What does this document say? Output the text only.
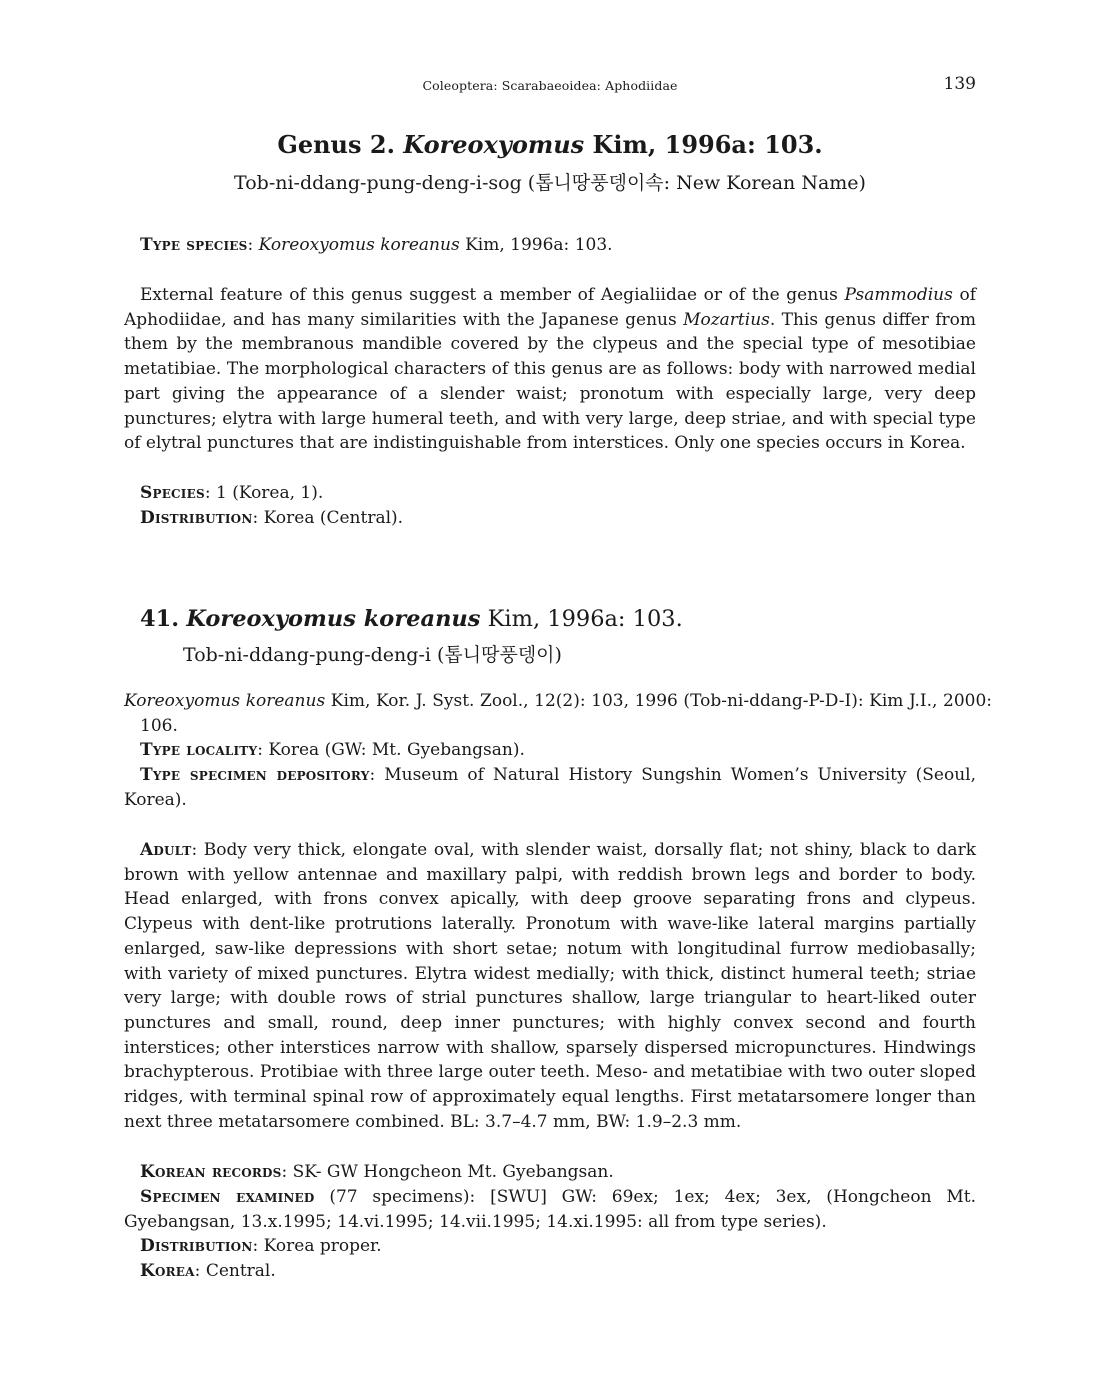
Coleoptera: Scarabaeoidea: Aphodiidae	139
Genus 2. Koreoxyomus Kim, 1996a: 103.
Tob-ni-ddang-pung-deng-i-sog (톱니땅풍뎅이속: New Korean Name)
Type species: Koreoxyomus koreanus Kim, 1996a: 103.
External feature of this genus suggest a member of Aegialiidae or of the genus Psammodius of Aphodiidae, and has many similarities with the Japanese genus Mozartius. This genus differ from them by the membranous mandible covered by the clypeus and the special type of mesotibiae metatibiae. The morphological characters of this genus are as follows: body with narrowed medial part giving the appearance of a slender waist; pronotum with especially large, very deep punctures; elytra with large humeral teeth, and with very large, deep striae, and with special type of elytral punctures that are indistinguishable from interstices. Only one species occurs in Korea.
Species: 1 (Korea, 1).
Distribution: Korea (Central).
41. Koreoxyomus koreanus Kim, 1996a: 103.
Tob-ni-ddang-pung-deng-i (톱니땅풍뎅이)
Koreoxyomus koreanus Kim, Kor. J. Syst. Zool., 12(2): 103, 1996 (Tob-ni-ddang-P-D-I): Kim J.I., 2000: 106.
Type locality: Korea (GW: Mt. Gyebangsan).
Type specimen depository: Museum of Natural History Sungshin Women’s University (Seoul, Korea).
Adult: Body very thick, elongate oval, with slender waist, dorsally flat; not shiny, black to dark brown with yellow antennae and maxillary palpi, with reddish brown legs and border to body. Head enlarged, with frons convex apically, with deep groove separating frons and clypeus. Clypeus with dent-like protrutions laterally. Pronotum with wave-like lateral margins partially enlarged, saw-like depressions with short setae; notum with longitudinal furrow mediobasally; with variety of mixed punctures. Elytra widest medially; with thick, distinct humeral teeth; striae very large; with double rows of strial punctures shallow, large triangular to heart-liked outer punctures and small, round, deep inner punctures; with highly convex second and fourth interstices; other interstices narrow with shallow, sparsely dispersed micropunctures. Hindwings brachypterous. Protibiae with three large outer teeth. Meso- and metatibiae with two outer sloped ridges, with terminal spinal row of approximately equal lengths. First metatarsomere longer than next three metatarsomere combined. BL: 3.7–4.7 mm, BW: 1.9–2.3 mm.
Korean records: SK- GW Hongcheon Mt. Gyebangsan.
Specimen examined (77 specimens): [SWU] GW: 69ex; 1ex; 4ex; 3ex, (Hongcheon Mt. Gyebangsan, 13.x.1995; 14.vi.1995; 14.vii.1995; 14.xi.1995: all from type series).
Distribution: Korea proper.
Korea: Central.
